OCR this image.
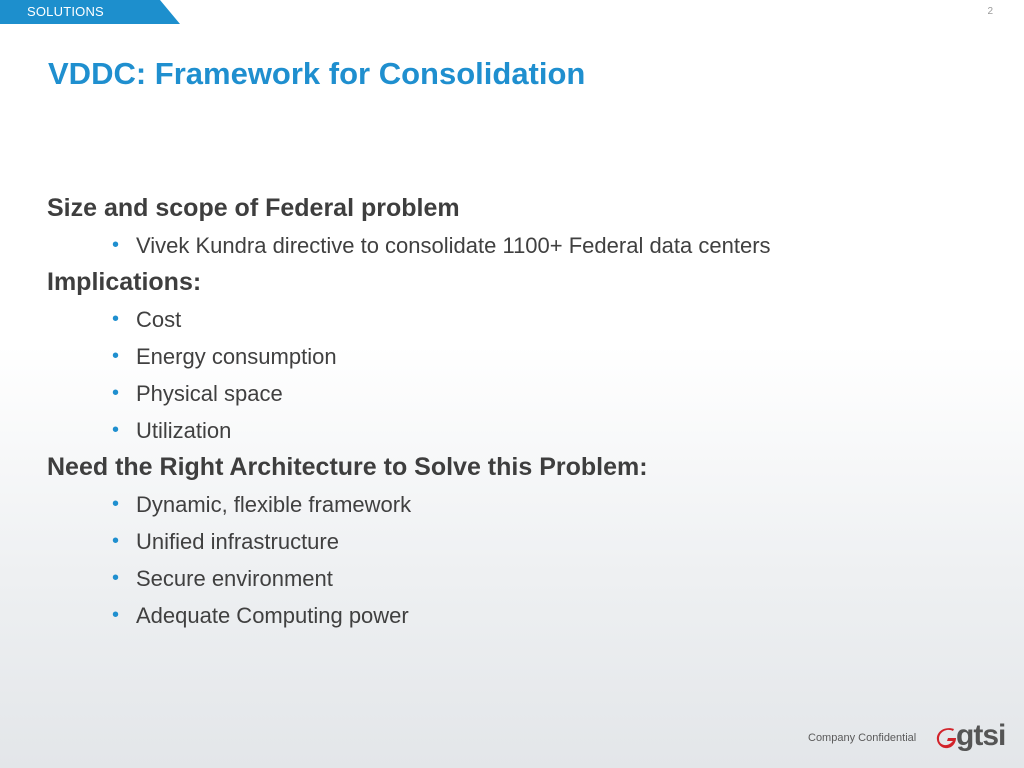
SOLUTIONS	2
VDDC: Framework for Consolidation

Size and scope of Federal problem

• Vivek Kundra directive to consolidate 1100+ Federal data centers

Implications:

• Cost
• Energy consumption
• Physical space
• Utilization

Need the Right Architecture to Solve this Problem:

• Dynamic, flexible framework
• Unified infrastructure
• Secure environment
• Adequate Computing power
Company Confidential gtsi
